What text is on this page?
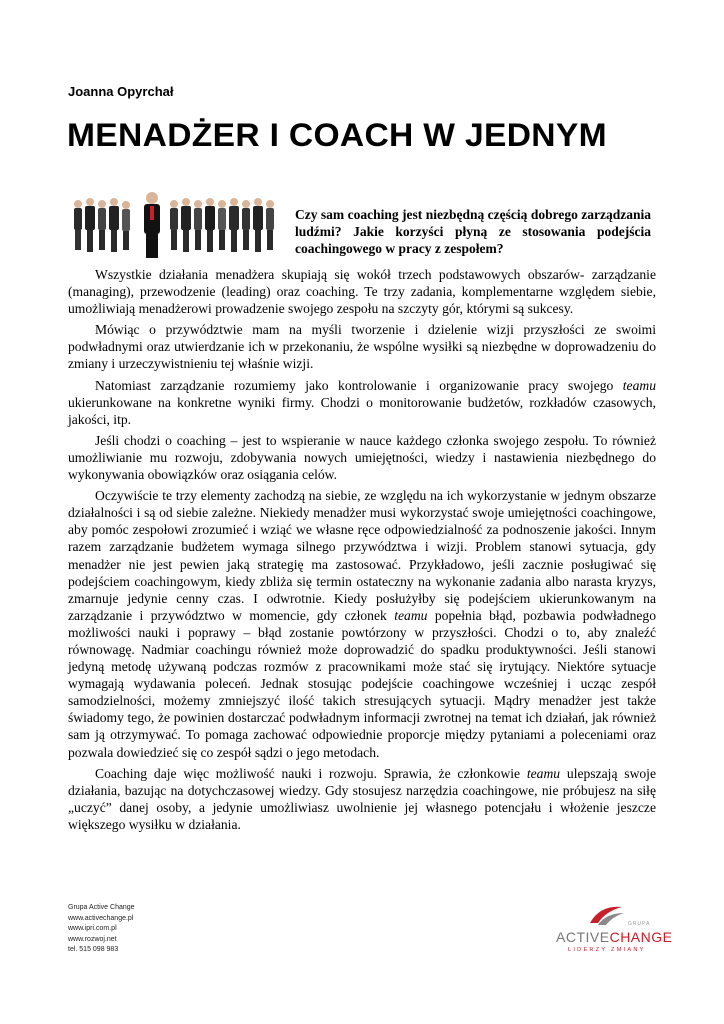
Joanna Opyrchał
MENADŻER I COACH W JEDNYM
Czy sam coaching jest niezbędną częścią dobrego zarządzania ludźmi? Jakie korzyści płyną ze stosowania podejścia coachingowego w pracy z zespołem?

Wszystkie działania menadżera skupiają się wokół trzech podstawowych obszarów- zarządzanie (managing), przewodzenie (leading) oraz coaching. Te trzy zadania, komplementarne względem siebie, umożliwiają menadżerowi prowadzenie swojego zespołu na szczyty gór, którymi są sukcesy.

Mówiąc o przywództwie mam na myśli tworzenie i dzielenie wizji przyszłości ze swoimi podwładnymi oraz utwierdzanie ich w przekonaniu, że wspólne wysiłki są niezbędne w doprowadzeniu do zmiany i urzeczywistnieniu tej właśnie wizji.

Natomiast zarządzanie rozumiemy jako kontrolowanie i organizowanie pracy swojego teamu ukierunkowane na konkretne wyniki firmy. Chodzi o monitorowanie budżetów, rozkładów czasowych, jakości, itp.

Jeśli chodzi o coaching – jest to wspieranie w nauce każdego członka swojego zespołu. To również umożliwianie mu rozwoju, zdobywania nowych umiejętności, wiedzy i nastawienia niezbędnego do wykonywania obowiązków oraz osiągania celów.

Oczywiście te trzy elementy zachodzą na siebie, ze względu na ich wykorzystanie w jednym obszarze działalności i są od siebie zależne. Niekiedy menadżer musi wykorzystać swoje umiejętności coachingowe, aby pomóc zespołowi zrozumieć i wziąć we własne ręce odpowiedzialność za podnoszenie jakości. Innym razem zarządzanie budżetem wymaga silnego przywództwa i wizji. Problem stanowi sytuacja, gdy menadżer nie jest pewien jaką strategię ma zastosować. Przykładowo, jeśli zacznie posługiwać się podejściem coachingowym, kiedy zbliża się termin ostateczny na wykonanie zadania albo narasta kryzys, zmarnuje jedynie cenny czas. I odwrotnie. Kiedy posłużyłby się podejściem ukierunkowanym na zarządzanie i przywództwo w momencie, gdy członek teamu popełnia błąd, pozbawia podwładnego możliwości nauki i poprawy – błąd zostanie powtórzony w przyszłości. Chodzi o to, aby znaleźć równowagę. Nadmiar coachingu również może doprowadzić do spadku produktywności. Jeśli stanowi jedyną metodę używaną podczas rozmów z pracownikami może stać się irytujący. Niektóre sytuacje wymagają wydawania poleceń. Jednak stosując podejście coachingowe wcześniej i ucząc zespół samodzielności, możemy zmniejszyć ilość takich stresujących sytuacji. Mądry menadżer jest także świadomy tego, że powinien dostarczać podwładnym informacji zwrotnej na temat ich działań, jak również sam ją otrzymywać. To pomaga zachować odpowiednie proporcje między pytaniami a poleceniami oraz pozwala dowiedzieć się co zespół sądzi o jego metodach.

Coaching daje więc możliwość nauki i rozwoju. Sprawia, że członkowie teamu ulepszają swoje działania, bazując na dotychczasowej wiedzy. Gdy stosujesz narzędzia coachingowe, nie próbujesz na siłę „uczyć” danej osoby, a jedynie umożliwiasz uwolnienie jej własnego potencjału i włożenie jeszcze większego wysiłku w działania.

Grupa Active Change
www.activechange.pl
www.ipri.com.pl
www.rozwoj.net
tel. 515 098 983
GRUPA
ACTIVECHANGE
LIDERZY ZMIANY
